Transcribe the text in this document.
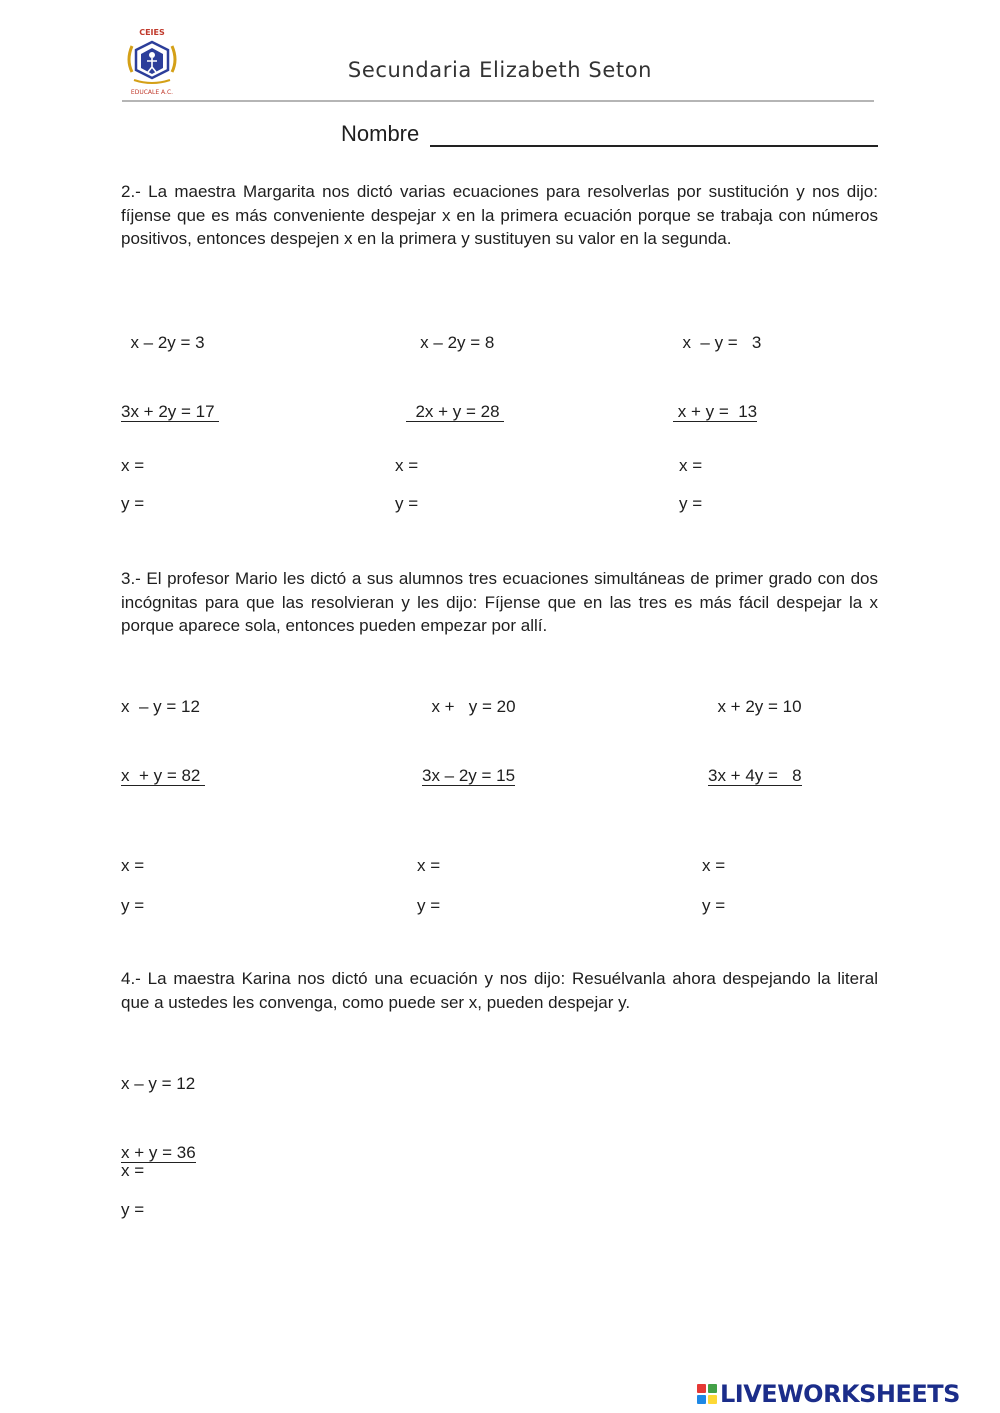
CEIES
EDUCALE A.C.
Secundaria Elizabeth Seton
Nombre
2.- La maestra Margarita nos dictó varias ecuaciones para resolverlas por sustitución y nos dijo: fíjense que es más conveniente despejar x en la primera ecuación porque se trabaja con números positivos, entonces despejen x en la primera y sustituyen su valor en la segunda.

x – 2y = 3

3x + 2y = 17

x – 2y = 8

2x + y = 28

x  – y =   3

x + y =  13

x =
y =
x =
y =
x =
y =
3.- El profesor Mario les dictó a sus alumnos tres ecuaciones simultáneas de primer grado con dos incógnitas para que las resolvieran y les dijo: Fíjense que en las tres es más fácil despejar la x porque aparece sola, entonces pueden empezar por allí.

x  – y = 12

x  + y = 82

x +   y = 20

3x – 2y = 15

x + 2y = 10

3x + 4y =   8

x =
y =
x =
y =
x =
y =
4.- La maestra Karina nos dictó una ecuación y nos dijo: Resuélvanla ahora despejando la literal que a ustedes les convenga, como puede ser x, pueden despejar y.

x – y = 12

x + y = 36

x =
y =
LIVEWORKSHEETS
